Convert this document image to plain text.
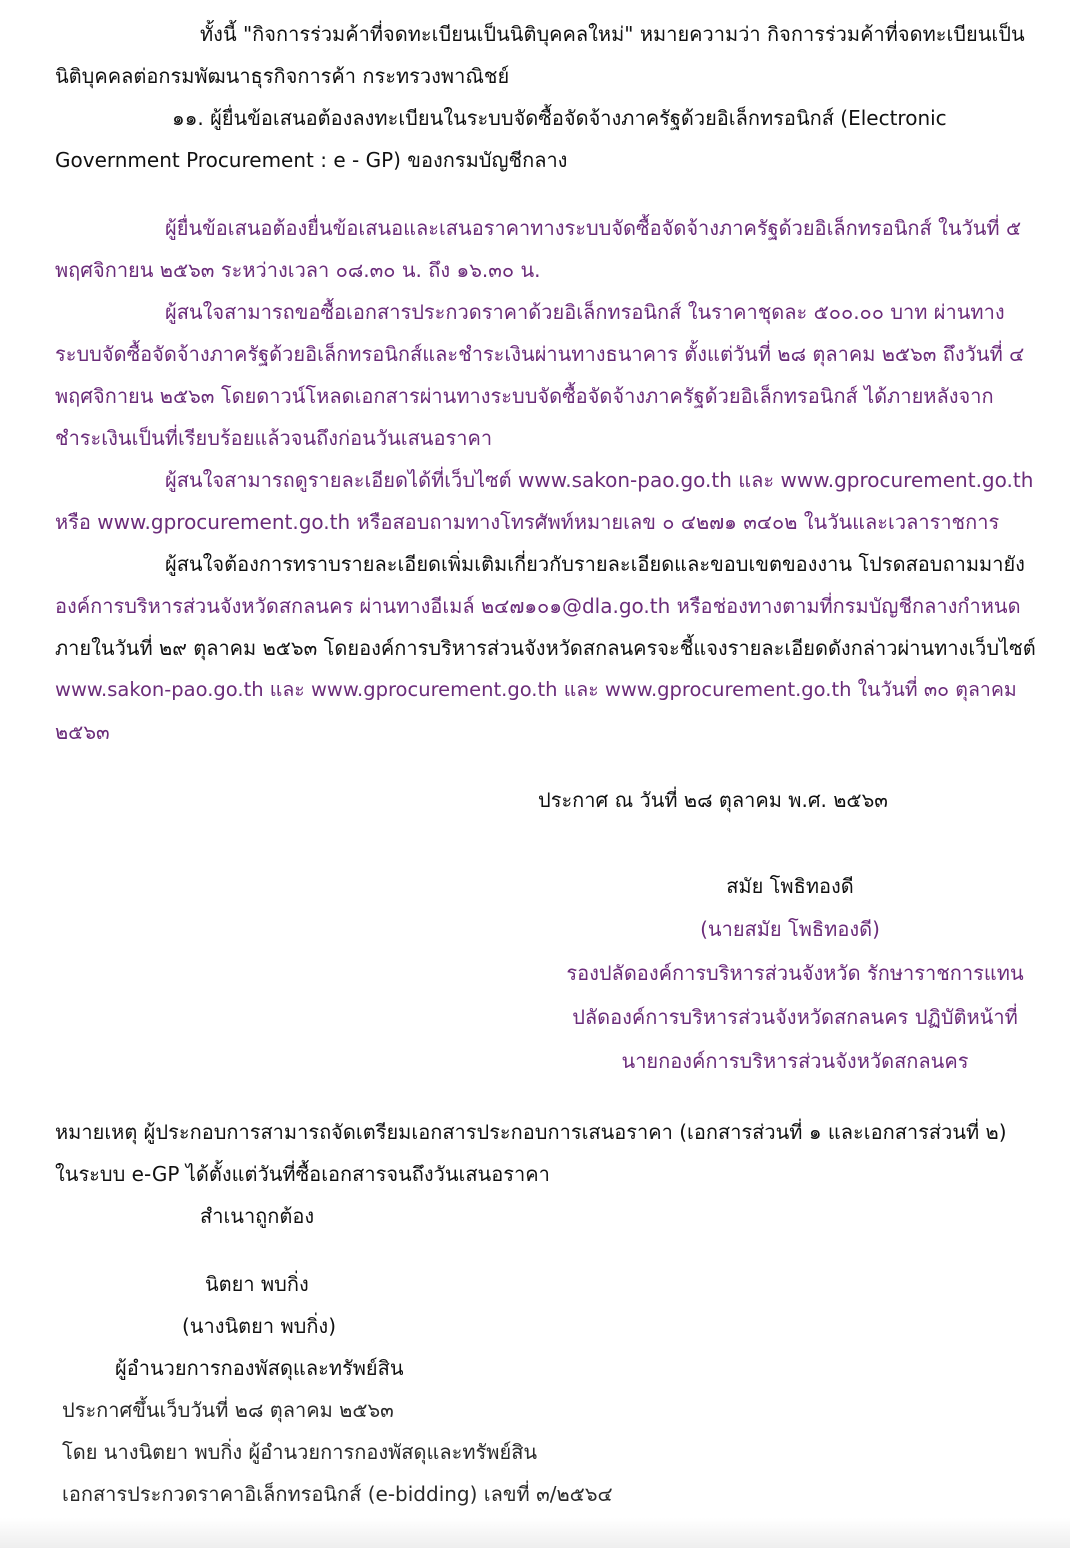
ทั้งนี้ "กิจการร่วมค้าที่จดทะเบียนเป็นนิติบุคคลใหม่" หมายความว่า กิจการร่วมค้าที่จดทะเบียนเป็น
นิติบุคคลต่อกรมพัฒนาธุรกิจการค้า กระทรวงพาณิชย์
๑๑. ผู้ยื่นข้อเสนอต้องลงทะเบียนในระบบจัดซื้อจัดจ้างภาครัฐด้วยอิเล็กทรอนิกส์ (Electronic
Government Procurement : e - GP) ของกรมบัญชีกลาง
ผู้ยื่นข้อเสนอต้องยื่นข้อเสนอและเสนอราคาทางระบบจัดซื้อจัดจ้างภาครัฐด้วยอิเล็กทรอนิกส์ ในวันที่ ๕
พฤศจิกายน ๒๕๖๓ ระหว่างเวลา ๐๘.๓๐ น. ถึง ๑๖.๓๐ น.
ผู้สนใจสามารถขอซื้อเอกสารประกวดราคาด้วยอิเล็กทรอนิกส์ ในราคาชุดละ ๕๐๐.๐๐ บาท ผ่านทาง
ระบบจัดซื้อจัดจ้างภาครัฐด้วยอิเล็กทรอนิกส์และชำระเงินผ่านทางธนาคาร ตั้งแต่วันที่ ๒๘ ตุลาคม ๒๕๖๓ ถึงวันที่ ๔
พฤศจิกายน ๒๕๖๓ โดยดาวน์โหลดเอกสารผ่านทางระบบจัดซื้อจัดจ้างภาครัฐด้วยอิเล็กทรอนิกส์ ได้ภายหลังจาก
ชำระเงินเป็นที่เรียบร้อยแล้วจนถึงก่อนวันเสนอราคา
ผู้สนใจสามารถดูรายละเอียดได้ที่เว็บไซต์ www.sakon-pao.go.th และ www.gprocurement.go.th
หรือ www.gprocurement.go.th หรือสอบถามทางโทรศัพท์หมายเลข ๐ ๔๒๗๑ ๓๔๐๒ ในวันและเวลาราชการ
ผู้สนใจต้องการทราบรายละเอียดเพิ่มเติมเกี่ยวกับรายละเอียดและขอบเขตของงาน โปรดสอบถามมายัง
องค์การบริหารส่วนจังหวัดสกลนคร ผ่านทางอีเมล์ ๒๔๗๑๐๑@dla.go.th หรือช่องทางตามที่กรมบัญชีกลางกำหนด
ภายในวันที่ ๒๙ ตุลาคม ๒๕๖๓ โดยองค์การบริหารส่วนจังหวัดสกลนครจะชี้แจงรายละเอียดดังกล่าวผ่านทางเว็บไซต์
www.sakon-pao.go.th และ www.gprocurement.go.th และ www.gprocurement.go.th ในวันที่ ๓๐ ตุลาคม
๒๕๖๓
ประกาศ ณ วันที่ ๒๘ ตุลาคม พ.ศ. ๒๕๖๓
สมัย โพธิทองดี
(นายสมัย โพธิทองดี)
รองปลัดองค์การบริหารส่วนจังหวัด รักษาราชการแทน
ปลัดองค์การบริหารส่วนจังหวัดสกลนคร ปฏิบัติหน้าที่
นายกองค์การบริหารส่วนจังหวัดสกลนคร
หมายเหตุ ผู้ประกอบการสามารถจัดเตรียมเอกสารประกอบการเสนอราคา (เอกสารส่วนที่ ๑ และเอกสารส่วนที่ ๒)
ในระบบ e-GP ได้ตั้งแต่วันที่ซื้อเอกสารจนถึงวันเสนอราคา
สำเนาถูกต้อง
นิตยา พบกิ่ง
(นางนิตยา พบกิ่ง)
ผู้อำนวยการกองพัสดุและทรัพย์สิน
ประกาศขึ้นเว็บวันที่ ๒๘ ตุลาคม ๒๕๖๓
โดย นางนิตยา พบกิ่ง ผู้อำนวยการกองพัสดุและทรัพย์สิน
เอกสารประกวดราคาอิเล็กทรอนิกส์ (e-bidding) เลขที่ ๓/๒๕๖๔
